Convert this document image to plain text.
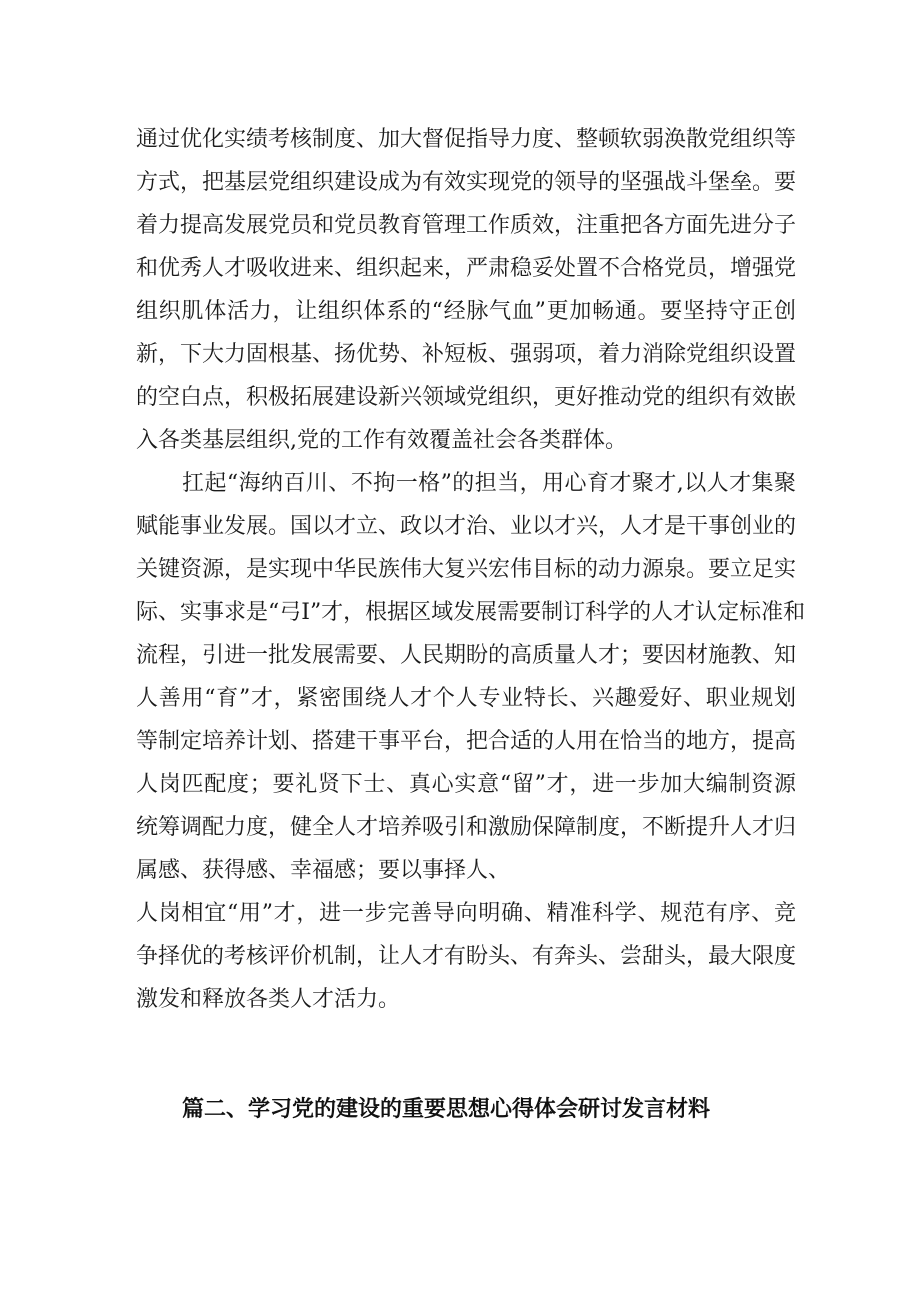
通过优化实绩考核制度、加大督促指导力度、整顿软弱涣散党组织等
方式，把基层党组织建设成为有效实现党的领导的坚强战斗堡垒。要
着力提高发展党员和党员教育管理工作质效，注重把各方面先进分子
和优秀人才吸收进来、组织起来，严肃稳妥处置不合格党员，增强党
组织肌体活力，让组织体系的“经脉气血”更加畅通。要坚持守正创
新，下大力固根基、扬优势、补短板、强弱项，着力消除党组织设置
的空白点，积极拓展建设新兴领域党组织，更好推动党的组织有效嵌
入各类基层组织,党的工作有效覆盖社会各类群体。
扛起“海纳百川、不拘一格”的担当，用心育才聚才,以人才集聚
赋能事业发展。国以才立、政以才治、业以才兴，人才是干事创业的
关键资源，是实现中华民族伟大复兴宏伟目标的动力源泉。要立足实
际、实事求是“弓I”才，根据区域发展需要制订科学的人才认定标准和
流程，引进一批发展需要、人民期盼的高质量人才；要因材施教、知
人善用“育”才，紧密围绕人才个人专业特长、兴趣爱好、职业规划
等制定培养计划、搭建干事平台，把合适的人用在恰当的地方，提高
人岗匹配度；要礼贤下士、真心实意“留”才，进一步加大编制资源
统筹调配力度，健全人才培养吸引和激励保障制度，不断提升人才归
属感、获得感、幸福感；要以事择人、
人岗相宜“用”才，进一步完善导向明确、精准科学、规范有序、竞
争择优的考核评价机制，让人才有盼头、有奔头、尝甜头，最大限度
激发和释放各类人才活力。
篇二、学习党的建设的重要思想心得体会研讨发言材料
